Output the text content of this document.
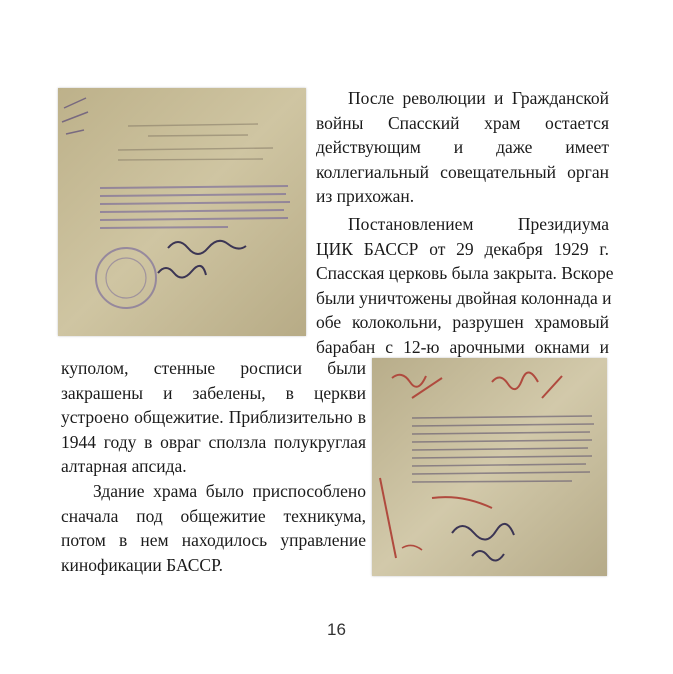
После революции и Гражданской
войны Спасский храм остается
действующим и даже имеет
коллегиальный совещательный орган
из прихожан.
Постановлением Президиума
ЦИК БАССР от 29 декабря 1929 г.
Спасская церковь была закрыта. Вскоре
были уничтожены двойная колоннада и
обе колокольни, разрушен храмовый
барабан с 12-ю арочными окнами и
куполом, стенные росписи были
закрашены и забелены, в церкви
устроено общежитие. Приблизительно в
1944 году в овраг сползла полукруглая
алтарная апсида.
Здание храма было приспособлено
сначала под общежитие техникума,
потом в нем находилось управление
кинофикации БАССР.
16
